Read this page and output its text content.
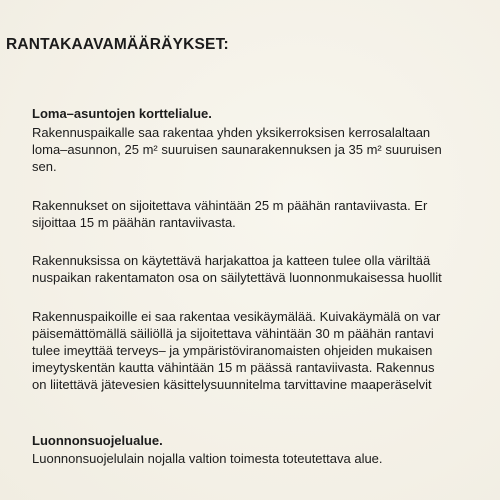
RANTAKAAVAMÄÄRÄYKSET:
Loma–asuntojen korttelialue.

Rakennuspaikalle saa rakentaa yhden yksikerroksisen kerrosalaltaan
loma–asunnon, 25 m² suuruisen saunarakennuksen ja 35 m² suuruisen
sen.

Rakennukset on sijoitettava vähintään 25 m päähän rantaviivasta. Er
sijoittaa 15 m päähän rantaviivasta.

Rakennuksissa on käytettävä harjakattoa ja katteen tulee olla väriltää
nuspaikan rakentamaton osa on säilytettävä luonnonmukaisessa huollit

Rakennuspaikoille ei saa rakentaa vesikäymälää. Kuivakäymälä on var
päisemättömällä säiliöllä ja sijoitettava vähintään 30 m päähän rantavi
tulee imeyttää terveys– ja ympäristöviranomaisten ohjeiden mukaisen
imeytyskentän kautta vähintään 15 m päässä rantaviivasta. Rakennus
on liitettävä jätevesien käsittelysuunnitelma tarvittavine maaperäselvit

Luonnonsuojelualue.

Luonnonsuojelulain nojalla valtion toimesta toteutettava alue.
